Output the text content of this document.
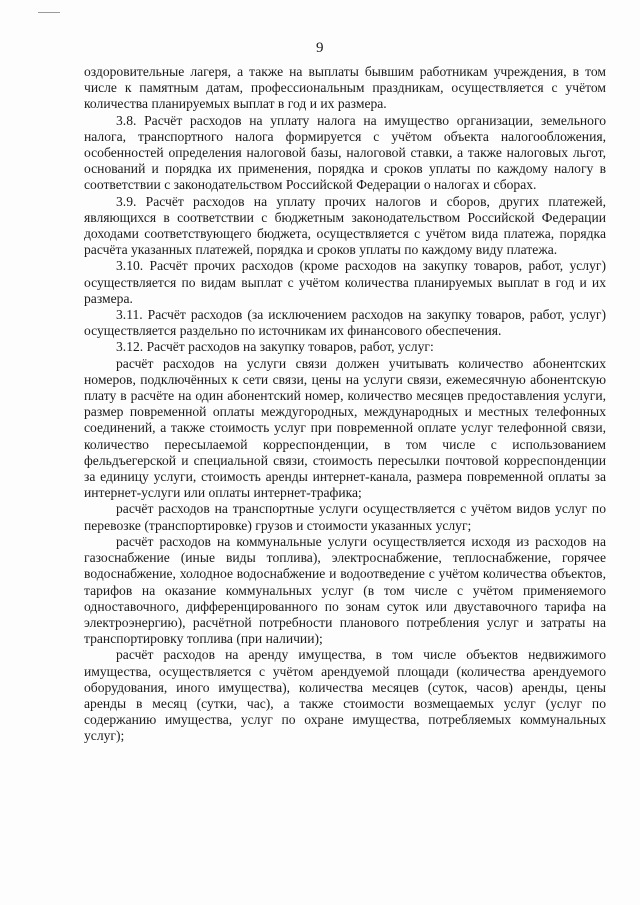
9

оздоровительные лагеря, а также на выплаты бывшим работникам учреждения, в том числе к памятным датам, профессиональным праздникам, осуществляется с учётом количества планируемых выплат в год и их размера.

3.8. Расчёт расходов на уплату налога на имущество организации, земельного налога, транспортного налога формируется с учётом объекта налогообложения, особенностей определения налоговой базы, налоговой ставки, а также налоговых льгот, оснований и порядка их применения, порядка и сроков уплаты по каждому налогу в соответствии с законодательством Российской Федерации о налогах и сборах.

3.9. Расчёт расходов на уплату прочих налогов и сборов, других платежей, являющихся в соответствии с бюджетным законодательством Российской Федерации доходами соответствующего бюджета, осуществляется с учётом вида платежа, порядка расчёта указанных платежей, порядка и сроков уплаты по каждому виду платежа.

3.10. Расчёт прочих расходов (кроме расходов на закупку товаров, работ, услуг) осуществляется по видам выплат с учётом количества планируемых выплат в год и их размера.

3.11. Расчёт расходов (за исключением расходов на закупку товаров, работ, услуг) осуществляется раздельно по источникам их финансового обеспечения.

3.12. Расчёт расходов на закупку товаров, работ, услуг:

расчёт расходов на услуги связи должен учитывать количество абонентских номеров, подключённых к сети связи, цены на услуги связи, ежемесячную абонентскую плату в расчёте на один абонентский номер, количество месяцев предоставления услуги, размер повременной оплаты междугородных, международных и местных телефонных соединений, а также стоимость услуг при повременной оплате услуг телефонной связи, количество пересылаемой корреспонденции, в том числе с использованием фельдъегерской и специальной связи, стоимость пересылки почтовой корреспонденции за единицу услуги, стоимость аренды интернет-канала, размера повременной оплаты за интернет-услуги или оплаты интернет-трафика;

расчёт расходов на транспортные услуги осуществляется с учётом видов услуг по перевозке (транспортировке) грузов и стоимости указанных услуг;

расчёт расходов на коммунальные услуги осуществляется исходя из расходов на газоснабжение (иные виды топлива), электроснабжение, теплоснабжение, горячее водоснабжение, холодное водоснабжение и водоотведение с учётом количества объектов, тарифов на оказание коммунальных услуг (в том числе с учётом применяемого одноставочного, дифференцированного по зонам суток или двуставочного тарифа на электроэнергию), расчётной потребности планового потребления услуг и затраты на транспортировку топлива (при наличии);

расчёт расходов на аренду имущества, в том числе объектов недвижимого имущества, осуществляется с учётом арендуемой площади (количества арендуемого оборудования, иного имущества), количества месяцев (суток, часов) аренды, цены аренды в месяц (сутки, час), а также стоимости возмещаемых услуг (услуг по содержанию имущества, услуг по охране имущества, потребляемых коммунальных услуг);
